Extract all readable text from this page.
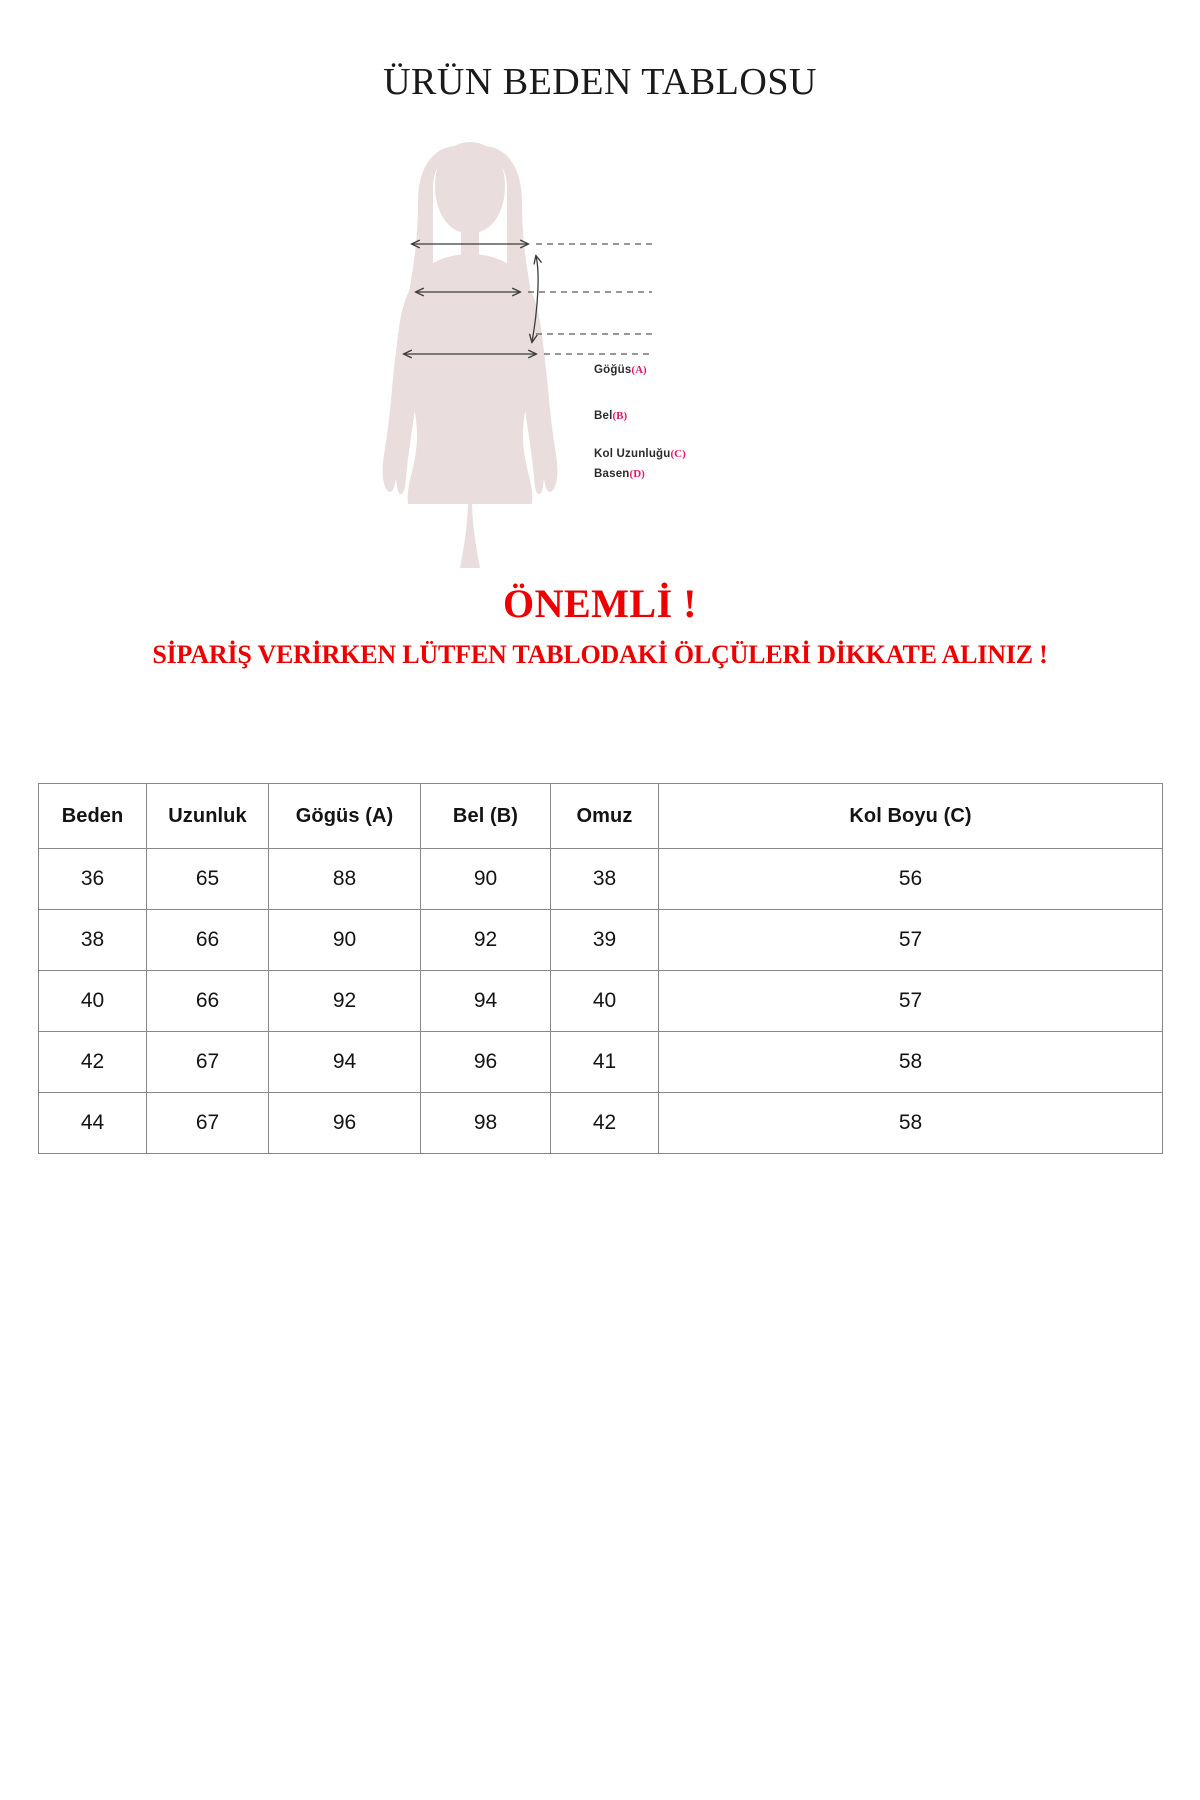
ÜRÜN BEDEN TABLOSU
Göğüs(A)
Bel(B)
Kol Uzunluğu(C)
Basen(D)
ÖNEMLİ !
SİPARİŞ VERİRKEN LÜTFEN TABLODAKİ ÖLÇÜLERİ DİKKATE ALINIZ !
Beden	Uzunluk	Gögüs (A)	Bel (B)	Omuz	Kol Boyu (C)
36	65	88	90	38	56
38	66	90	92	39	57
40	66	92	94	40	57
42	67	94	96	41	58
44	67	96	98	42	58
